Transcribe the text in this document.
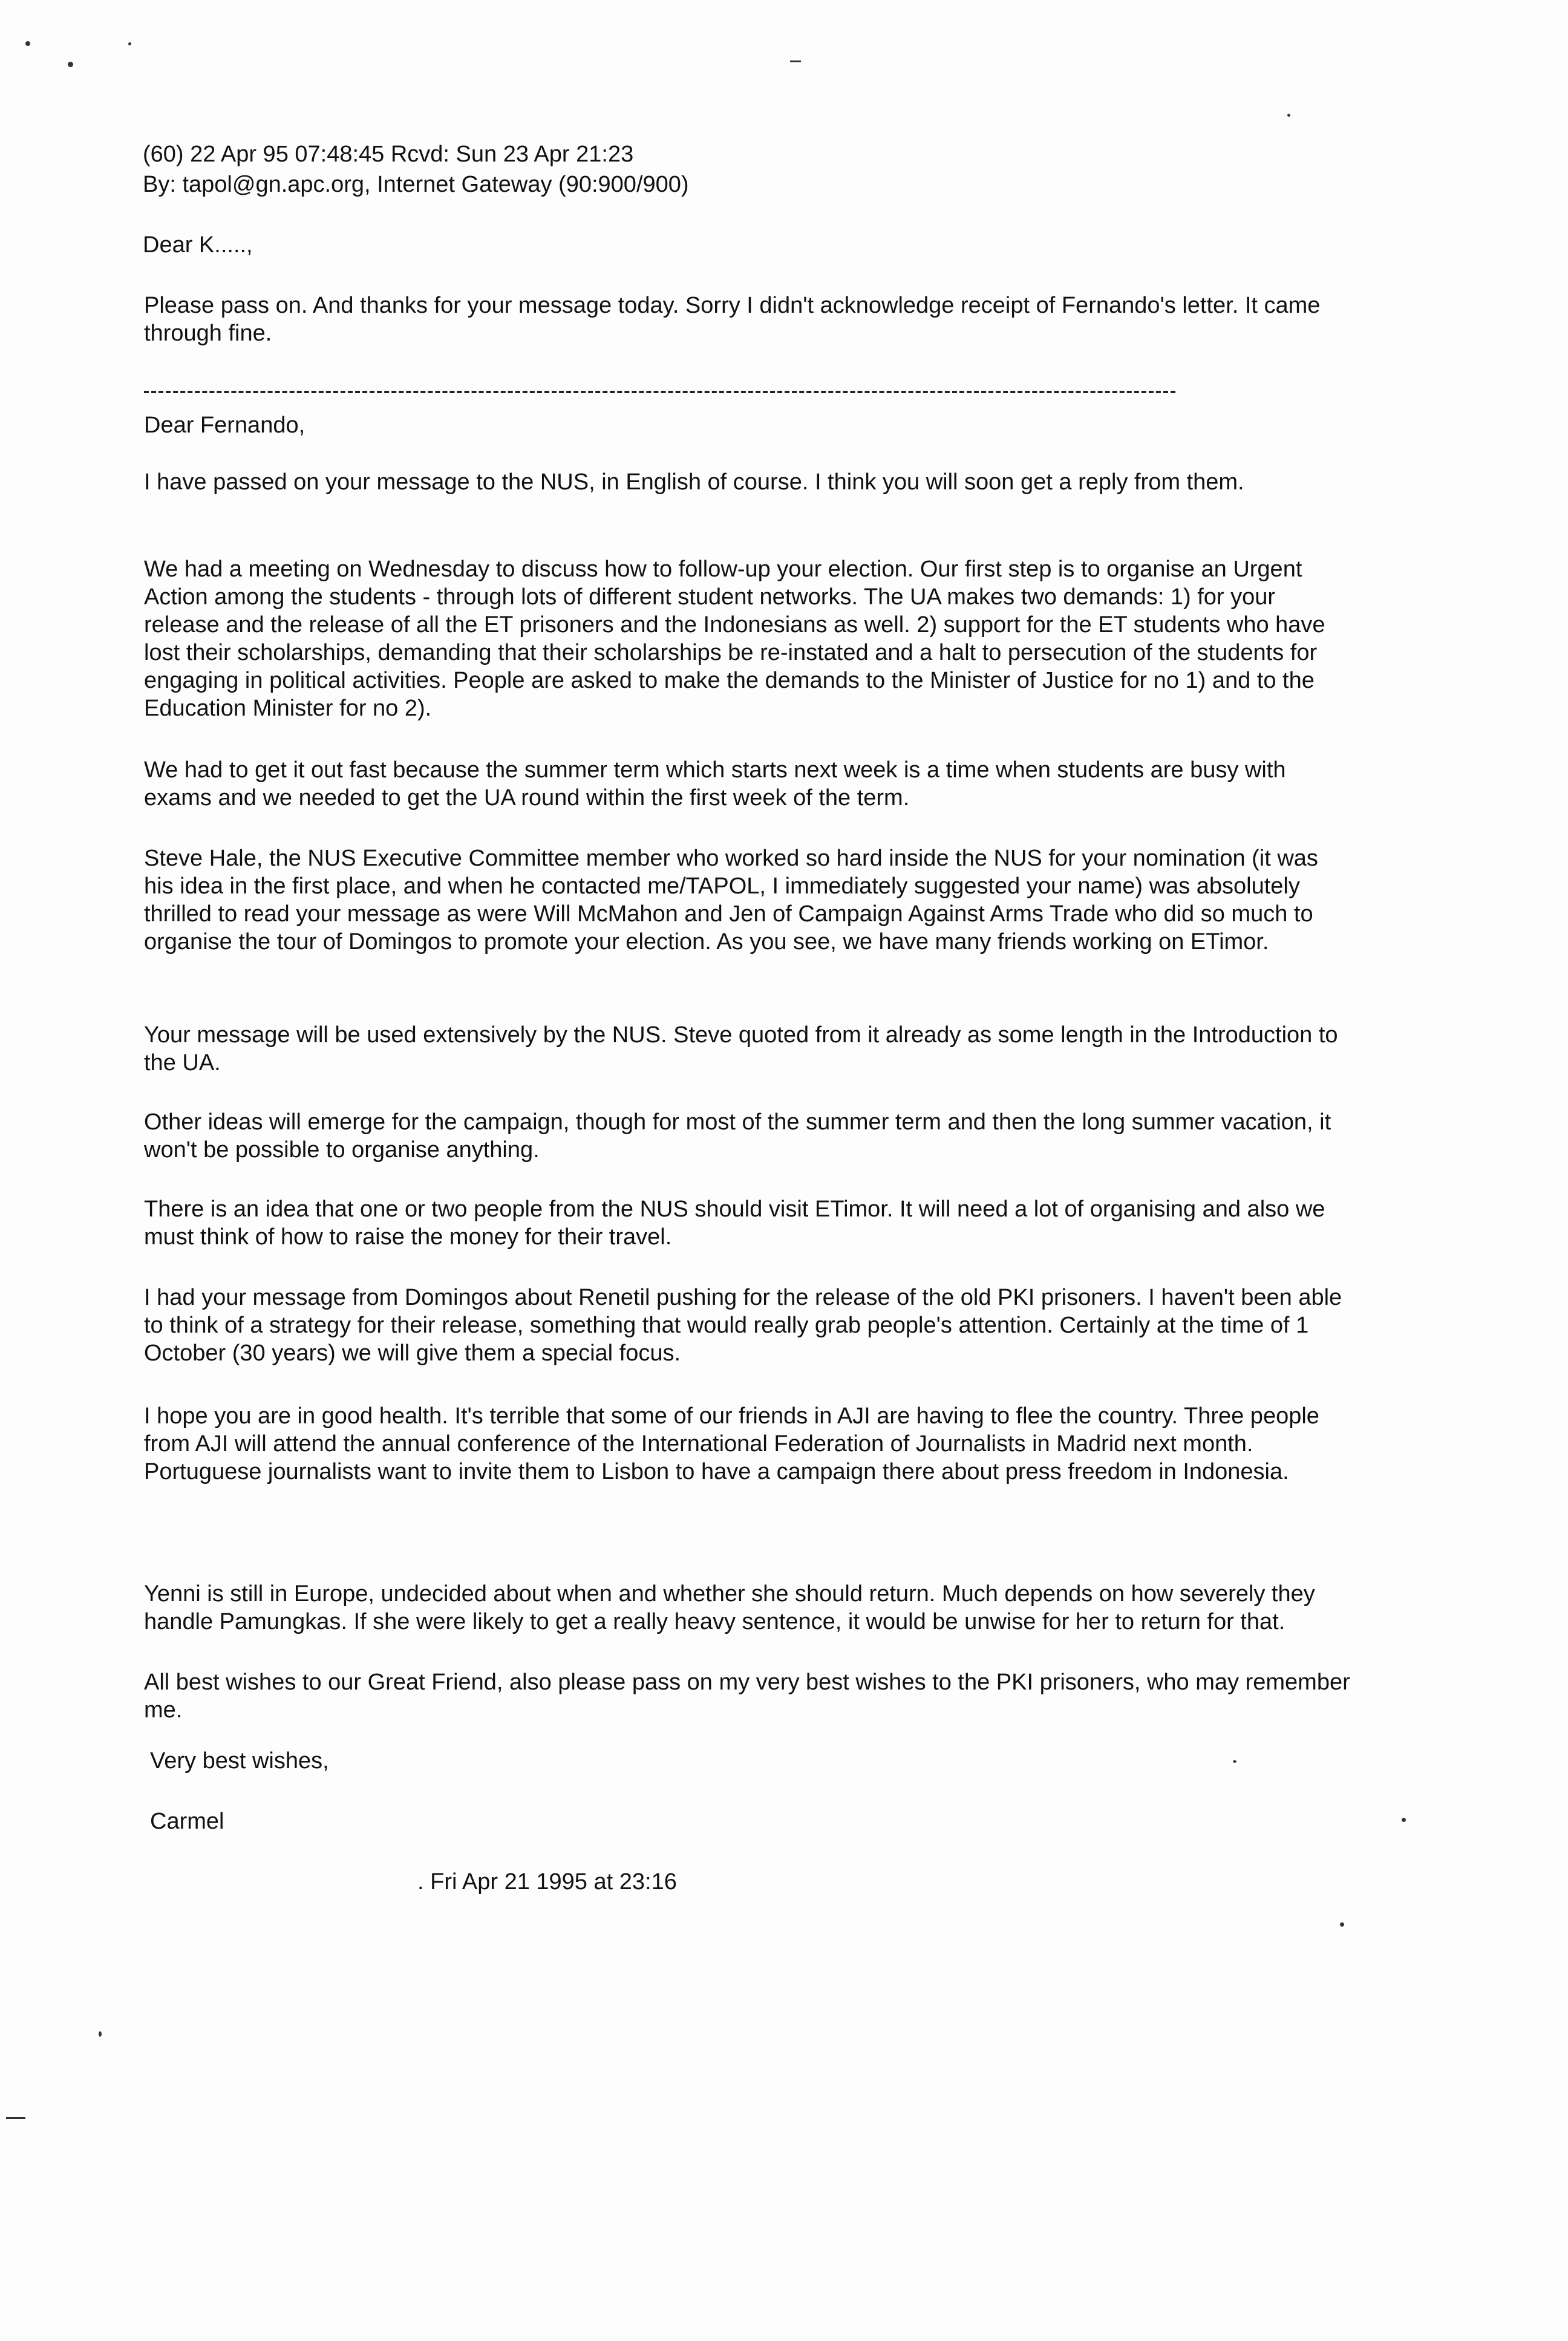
(60) 22 Apr 95 07:48:45 Rcvd: Sun 23 Apr 21:23
By: tapol@gn.apc.org, Internet Gateway (90:900/900)
Dear K.....,

Please pass on. And thanks for your message today. Sorry I didn't acknowledge receipt of Fernando's letter. It came through fine.

Dear Fernando,

I have passed on your message to the NUS, in English of course. I think you will soon get a reply from them.

We had a meeting on Wednesday to discuss how to follow-up your election. Our first step is to organise an Urgent Action among the students - through lots of different student networks. The UA makes two demands: 1) for your release and the release of all the ET prisoners and the Indonesians as well. 2) support for the ET students who have lost their scholarships, demanding that their scholarships be re-instated and a halt to persecution of the students for engaging in political activities. People are asked to make the demands to the Minister of Justice for no 1) and to the Education Minister for no 2).

We had to get it out fast because the summer term which starts next week is a time when students are busy with exams and we needed to get the UA round within the first week of the term.

Steve Hale, the NUS Executive Committee member who worked so hard inside the NUS for your nomination (it was his idea in the first place, and when he contacted me/TAPOL, I immediately suggested your name) was absolutely thrilled to read your message as were Will McMahon and Jen of Campaign Against Arms Trade who did so much to organise the tour of Domingos to promote your election. As you see, we have many friends working on ETimor.

Your message will be used extensively by the NUS. Steve quoted from it already as some length in the Introduction to the UA.

Other ideas will emerge for the campaign, though for most of the summer term and then the long summer vacation, it won't be possible to organise anything.

There is an idea that one or two people from the NUS should visit ETimor. It will need a lot of organising and also we must think of how to raise the money for their travel.

I had your message from Domingos about Renetil pushing for the release of the old PKI prisoners. I haven't been able to think of a strategy for their release, something that would really grab people's attention. Certainly at the time of 1 October (30 years) we will give them a special focus.

I hope you are in good health. It's terrible that some of our friends in AJI are having to flee the country. Three people from AJI will attend the annual conference of the International Federation of Journalists in Madrid next month. Portuguese journalists want to invite them to Lisbon to have a campaign there about press freedom in Indonesia.

Yenni is still in Europe, undecided about when and whether she should return. Much depends on how severely they handle Pamungkas. If she were likely to get a really heavy sentence, it would be unwise for her to return for that.

All best wishes to our Great Friend, also please pass on my very best wishes to the PKI prisoners, who may remember me.

Very best wishes,
Carmel
. Fri Apr 21 1995 at 23:16
